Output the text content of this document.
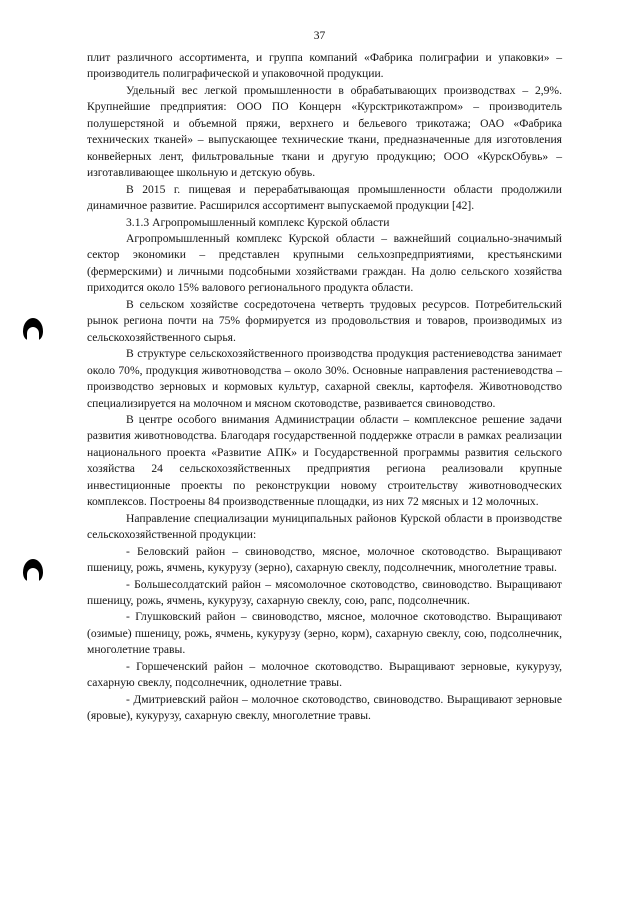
37

плит различного ассортимента, и группа компаний «Фабрика полиграфии и упаковки» – производитель полиграфической и упаковочной продукции.

Удельный вес легкой промышленности в обрабатывающих производствах – 2,9%. Крупнейшие предприятия: ООО ПО Концерн «Курсктрикотажпром» – производитель полушерстяной и объемной пряжи, верхнего и бельевого трикотажа; ОАО «Фабрика технических тканей» – выпускающее технические ткани, предназначенные для изготовления конвейерных лент, фильтровальные ткани и другую продукцию; ООО «КурскОбувь» – изготавливающее школьную и детскую обувь.

В 2015 г. пищевая и перерабатывающая промышленности области продолжили динамичное развитие. Расширился ассортимент выпускаемой продукции [42].

3.1.3 Агропромышленный комплекс Курской области

Агропромышленный комплекс Курской области – важнейший социально-значимый сектор экономики – представлен крупными сельхозпредприятиями, крестьянскими (фермерскими) и личными подсобными хозяйствами граждан. На долю сельского хозяйства приходится около 15% валового регионального продукта области.

В сельском хозяйстве сосредоточена четверть трудовых ресурсов. Потребительский рынок региона почти на 75% формируется из продовольствия и товаров, производимых из сельскохозяйственного сырья.

В структуре сельскохозяйственного производства продукция растениеводства занимает около 70%, продукция животноводства – около 30%. Основные направления растениеводства – производство зерновых и кормовых культур, сахарной свеклы, картофеля. Животноводство специализируется на молочном и мясном скотоводстве, развивается свиноводство.

В центре особого внимания Администрации области – комплексное решение задачи развития животноводства. Благодаря государственной поддержке отрасли в рамках реализации национального проекта «Развитие АПК» и Государственной программы развития сельского хозяйства 24 сельскохозяйственных предприятия региона реализовали крупные инвестиционные проекты по реконструкции новому строительству животноводческих комплексов. Построены 84 производственные площадки, из них 72 мясных и 12 молочных.

Направление специализации муниципальных районов Курской области в производстве сельскохозяйственной продукции:

- Беловский район – свиноводство, мясное, молочное скотоводство. Выращивают пшеницу, рожь, ячмень, кукурузу (зерно), сахарную свеклу, подсолнечник, многолетние травы.

- Большесолдатский район – мясомолочное скотоводство, свиноводство. Выращивают пшеницу, рожь, ячмень, кукурузу, сахарную свеклу, сою, рапс, подсолнечник.

- Глушковский район – свиноводство, мясное, молочное скотоводство. Выращивают (озимые) пшеницу, рожь, ячмень, кукурузу (зерно, корм), сахарную свеклу, сою, подсолнечник, многолетние травы.

- Горшеченский район – молочное скотоводство. Выращивают зерновые, кукурузу, сахарную свеклу, подсолнечник, однолетние травы.

- Дмитриевский район – молочное скотоводство, свиноводство. Выращивают зерновые (яровые), кукурузу, сахарную свеклу, многолетние травы.
